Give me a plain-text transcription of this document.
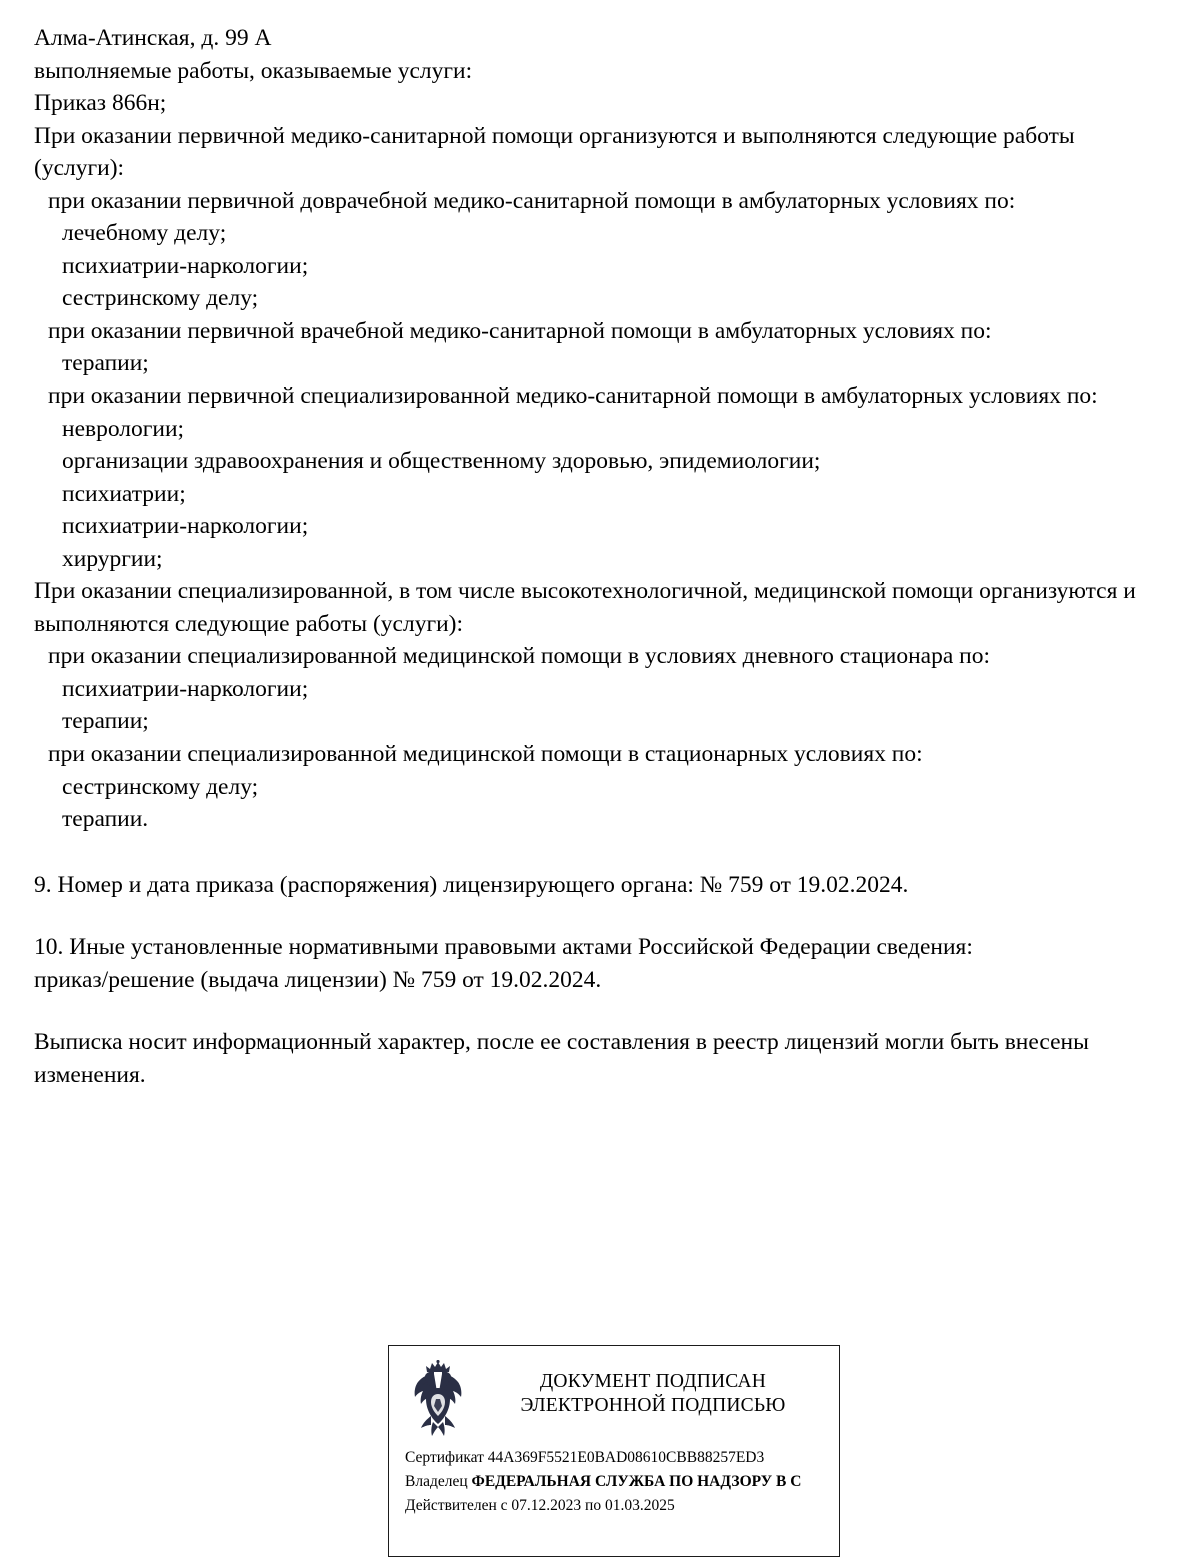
Алма-Атинская, д. 99 А

выполняемые работы, оказываемые услуги:

Приказ 866н;

При оказании первичной медико-санитарной помощи организуются и выполняются следующие работы (услуги):

при оказании первичной доврачебной медико-санитарной помощи в амбулаторных условиях по:

лечебному делу;

психиатрии-наркологии;

сестринскому делу;

при оказании первичной врачебной медико-санитарной помощи в амбулаторных условиях по:

терапии;

при оказании первичной специализированной медико-санитарной помощи в амбулаторных условиях по:

неврологии;

организации здравоохранения и общественному здоровью, эпидемиологии;

психиатрии;

психиатрии-наркологии;

хирургии;

При оказании специализированной, в том числе высокотехнологичной, медицинской помощи организуются и выполняются следующие работы (услуги):

при оказании специализированной медицинской помощи в условиях дневного стационара по:

психиатрии-наркологии;

терапии;

при оказании специализированной медицинской помощи в стационарных условиях по:

сестринскому делу;

терапии.

9. Номер и дата приказа (распоряжения) лицензирующего органа: № 759 от 19.02.2024.

10. Иные установленные нормативными правовыми актами Российской Федерации сведения:

приказ/решение (выдача лицензии) № 759 от 19.02.2024.

Выписка носит информационный характер, после ее составления в реестр лицензий могли быть внесены изменения.

ДОКУМЕНТ ПОДПИСАН
ЭЛЕКТРОННОЙ ПОДПИСЬЮ
Сертификат 44A369F5521E0BAD08610CBB88257ED3
Владелец ФЕДЕРАЛЬНАЯ СЛУЖБА ПО НАДЗОРУ В С
Действителен с 07.12.2023 по 01.03.2025
